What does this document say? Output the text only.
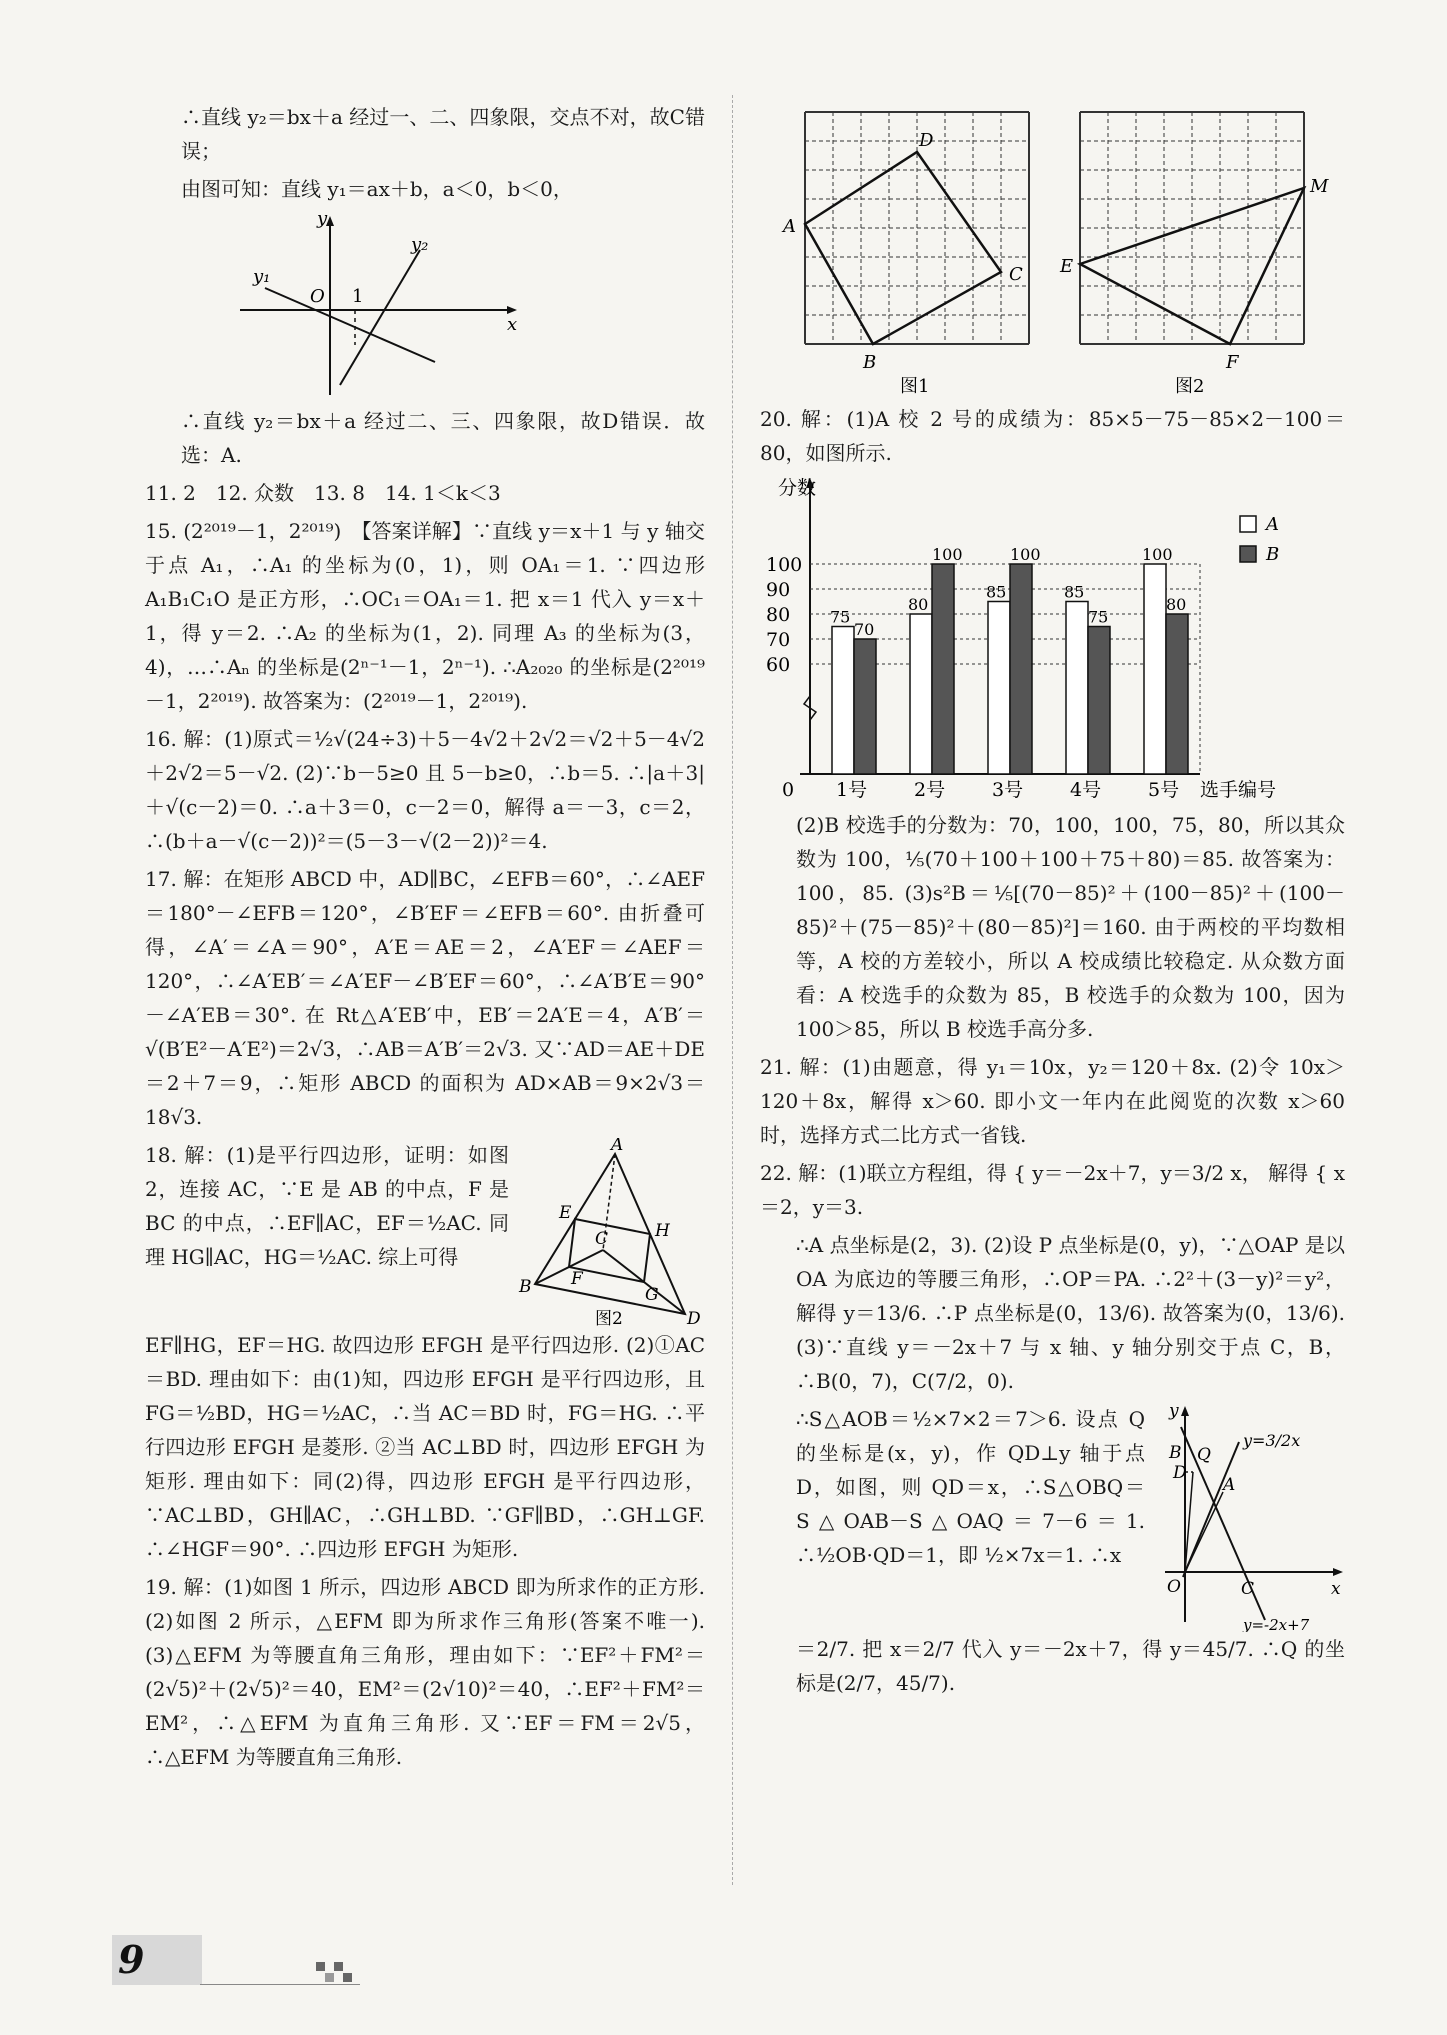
∴直线 y₂＝bx＋a 经过一、二、四象限，交点不对，故C错误；

由图可知：直线 y₁＝ax＋b，a＜0，b＜0，

y
x
O 1
y₁
y₂

∴直线 y₂＝bx＋a 经过二、三、四象限，故D错误．故选：A.

11. 2　12. 众数　13. 8　14. 1＜k＜3

15. (2²⁰¹⁹－1，2²⁰¹⁹)　【答案详解】∵直线 y＝x＋1 与 y 轴交于点 A₁，∴A₁ 的坐标为(0，1)，则 OA₁＝1. ∵四边形 A₁B₁C₁O 是正方形，∴OC₁＝OA₁＝1. 把 x＝1 代入 y＝x＋1，得 y＝2. ∴A₂ 的坐标为(1，2). 同理 A₃ 的坐标为(3，4)，…∴Aₙ 的坐标是(2ⁿ⁻¹－1，2ⁿ⁻¹). ∴A₂₀₂₀ 的坐标是(2²⁰¹⁹－1，2²⁰¹⁹). 故答案为：(2²⁰¹⁹－1，2²⁰¹⁹).

16. 解：(1)原式＝½√(24÷3)＋5－4√2＋2√2＝√2＋5－4√2＋2√2＝5－√2. (2)∵b－5≥0 且 5－b≥0，∴b＝5. ∴|a＋3|＋√(c－2)＝0. ∴a＋3＝0，c－2＝0，解得 a＝－3，c＝2，∴(b＋a－√(c－2))²＝(5－3－√(2－2))²＝4.

17. 解：在矩形 ABCD 中，AD∥BC，∠EFB＝60°，∴∠AEF＝180°－∠EFB＝120°，∠B′EF＝∠EFB＝60°. 由折叠可得，∠A′＝∠A＝90°，A′E＝AE＝2，∠A′EF＝∠AEF＝120°，∴∠A′EB′＝∠A′EF－∠B′EF＝60°，∴∠A′B′E＝90°－∠A′EB＝30°. 在 Rt△A′EB′中，EB′＝2A′E＝4，A′B′＝√(B′E²－A′E²)＝2√3，∴AB＝A′B′＝2√3. 又∵AD＝AE＋DE＝2＋7＝9，∴矩形 ABCD 的面积为 AD×AB＝9×2√3＝18√3.

A
B
C
D
E
F
G
H
图2

18. 解：(1)是平行四边形，证明：如图 2，连接 AC，∵E 是 AB 的中点，F 是 BC 的中点，∴EF∥AC，EF＝½AC. 同理 HG∥AC，HG＝½AC. 综上可得

EF∥HG，EF＝HG. 故四边形 EFGH 是平行四边形. (2)①AC＝BD. 理由如下：由(1)知，四边形 EFGH 是平行四边形，且 FG＝½BD，HG＝½AC，∴当 AC＝BD 时，FG＝HG. ∴平行四边形 EFGH 是菱形. ②当 AC⊥BD 时，四边形 EFGH 为矩形. 理由如下：同(2)得，四边形 EFGH 是平行四边形，∵AC⊥BD，GH∥AC，∴GH⊥BD. ∵GF∥BD，∴GH⊥GF. ∴∠HGF＝90°. ∴四边形 EFGH 为矩形.

19. 解：(1)如图 1 所示，四边形 ABCD 即为所求作的正方形. (2)如图 2 所示，△EFM 即为所求作三角形(答案不唯一). (3)△EFM 为等腰直角三角形，理由如下：∵EF²＋FM²＝(2√5)²＋(2√5)²＝40，EM²＝(2√10)²＝40，∴EF²＋FM²＝EM²，∴△EFM 为直角三角形. 又∵EF＝FM＝2√5，∴△EFM 为等腰直角三角形.

A
B
C
D
图1
E
F
M
图2

20. 解：(1)A 校 2 号的成绩为：85×5－75－85×2－100＝80，如图所示.

分数
选手编号
0
100
90
80
70
60
75
70
1号
80
100
2号
85
100
3号
85
75
4号
100
80
5号
A
B

(2)B 校选手的分数为：70，100，100，75，80，所以其众数为 100，⅕(70＋100＋100＋75＋80)＝85. 故答案为：100，85. (3)s²B＝⅕[(70－85)²＋(100－85)²＋(100－85)²＋(75－85)²＋(80－85)²]＝160. 由于两校的平均数相等，A 校的方差较小，所以 A 校成绩比较稳定. 从众数方面看：A 校选手的众数为 85，B 校选手的众数为 100，因为 100＞85，所以 B 校选手高分多.

21. 解：(1)由题意，得 y₁＝10x，y₂＝120＋8x. (2)令 10x＞120＋8x，解得 x＞60. 即小文一年内在此阅览的次数 x＞60 时，选择方式二比方式一省钱.

22. 解：(1)联立方程组，得 { y＝－2x＋7，y＝3/2 x， 解得 { x＝2，y＝3.

∴A 点坐标是(2，3). (2)设 P 点坐标是(0，y)，∵△OAP 是以 OA 为底边的等腰三角形，∴OP＝PA. ∴2²＋(3－y)²＝y²，解得 y＝13/6. ∴P 点坐标是(0，13/6). 故答案为(0，13/6). (3)∵直线 y＝－2x＋7 与 x 轴、y 轴分别交于点 C，B，∴B(0，7)，C(7/2，0).

y
x
O	C
A
B
D
Q
y=3/2x
y=-2x+7

∴S△AOB＝½×7×2＝7＞6. 设点 Q 的坐标是(x，y)，作 QD⊥y 轴于点 D，如图，则 QD＝x，∴S△OBQ＝S△OAB－S△OAQ＝7－6＝1. ∴½OB·QD＝1，即 ½×7x＝1. ∴x

＝2/7. 把 x＝2/7 代入 y＝－2x＋7，得 y＝45/7. ∴Q 的坐标是(2/7，45/7).

9
